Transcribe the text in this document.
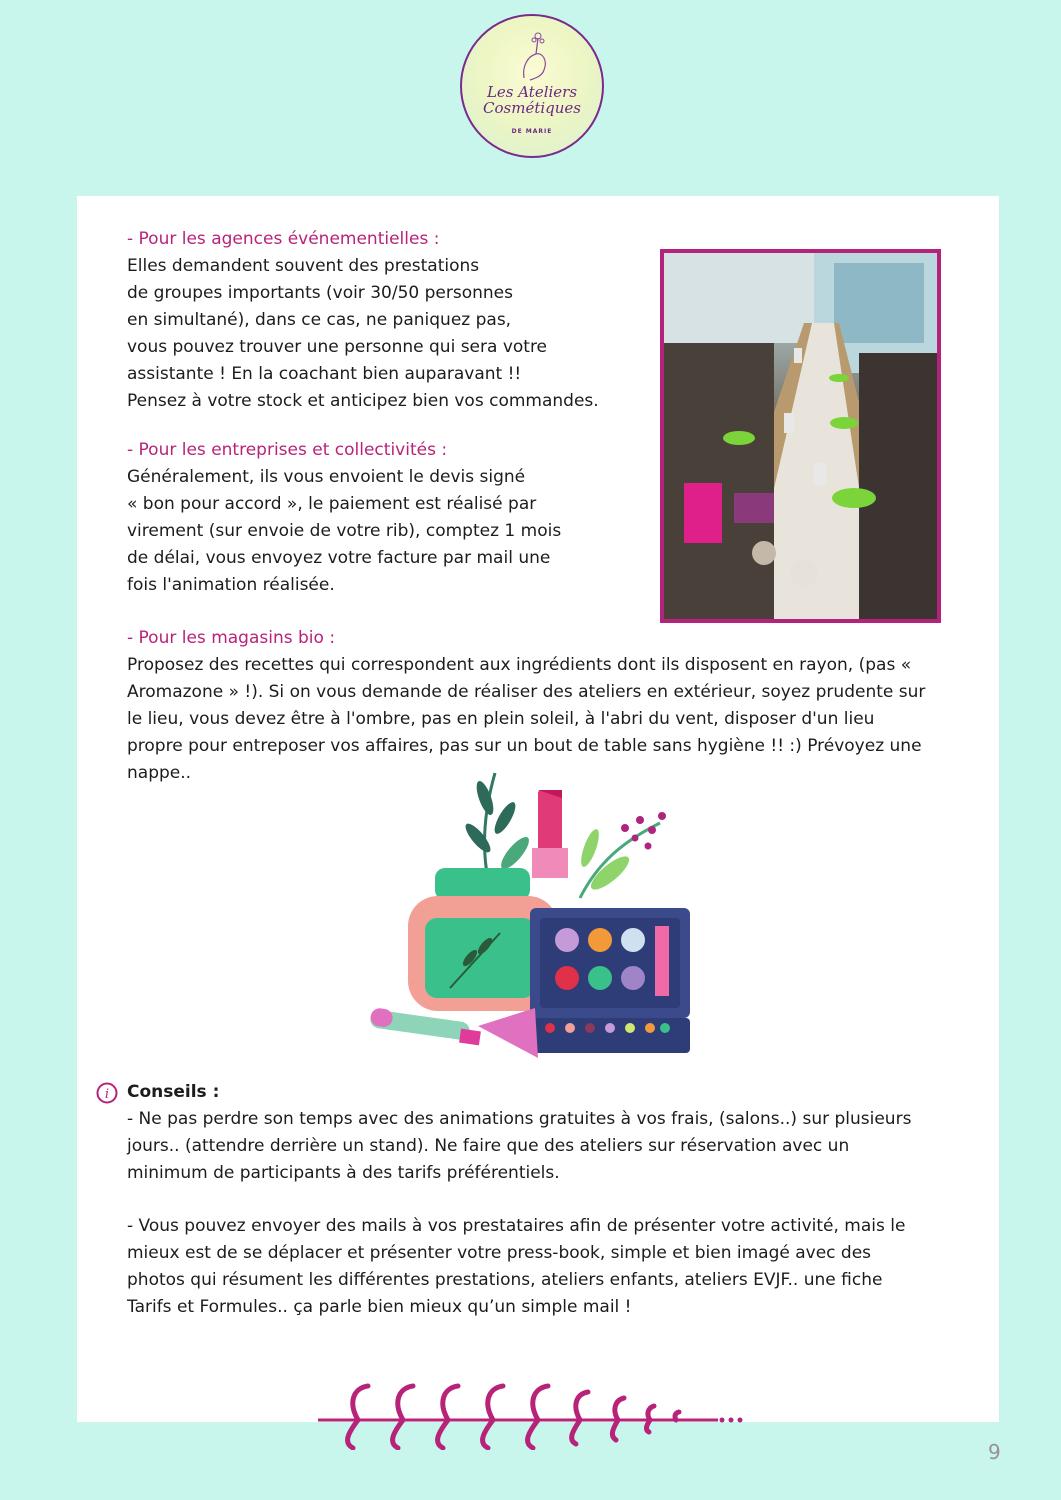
Les Ateliers
Cosmétiques
DE MARIE
- Pour les agences événementielles :
Elles demandent souvent des prestations
de groupes importants (voir 30/50 personnes
en simultané), dans ce cas, ne paniquez pas,
vous pouvez trouver une personne qui sera votre
assistante ! En la coachant bien auparavant !!
Pensez à votre stock et anticipez bien vos commandes.
- Pour les entreprises et collectivités :
Généralement, ils vous envoient le devis signé
« bon pour accord », le paiement est réalisé par
virement (sur envoie de votre rib), comptez 1 mois
de délai, vous envoyez votre facture par mail une
fois l'animation réalisée.
- Pour les magasins bio :
Proposez des recettes qui correspondent aux ingrédients dont ils disposent en rayon, (pas «
Aromazone » !). Si on vous demande de réaliser des ateliers en extérieur, soyez prudente sur
le lieu, vous devez être à l'ombre, pas en plein soleil, à l'abri du vent, disposer d'un lieu
propre pour entreposer vos affaires, pas sur un bout de table sans hygiène !! :) Prévoyez une
nappe..
i Conseils :
- Ne pas perdre son temps avec des animations gratuites à vos frais, (salons..) sur plusieurs
jours.. (attendre derrière un stand). Ne faire que des ateliers sur réservation avec un
minimum de participants à des tarifs préférentiels.
- Vous pouvez envoyer des mails à vos prestataires afin de présenter votre activité, mais le
mieux est de se déplacer et présenter votre press-book, simple et bien imagé avec des
photos qui résument les différentes prestations, ateliers enfants, ateliers EVJF.. une fiche
Tarifs et Formules.. ça parle bien mieux qu’un simple mail !
9
